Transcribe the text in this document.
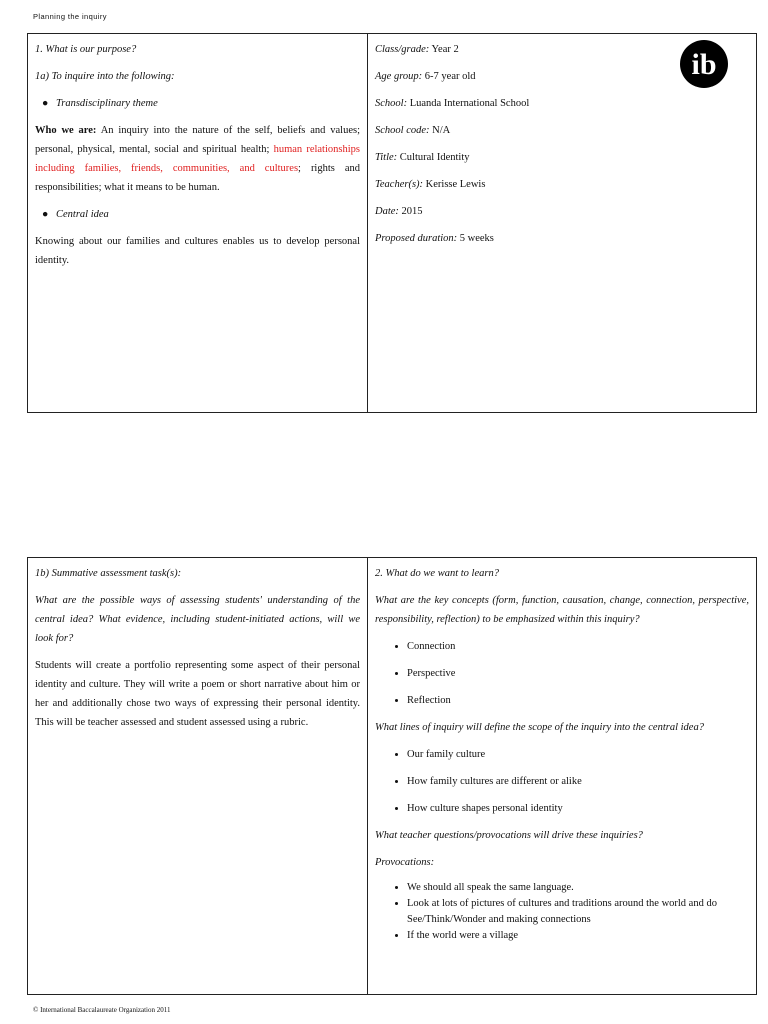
Planning the inquiry

1. What is our purpose?

1a) To inquire into the following:

● Transdisciplinary theme

Who we are: An inquiry into the nature of the self, beliefs and values; personal, physical, mental, social and spiritual health; human relationships including families, friends, communities, and cultures; rights and responsibilities; what it means to be human.

● Central idea

Knowing about our families and cultures enables us to develop personal identity.

Class/grade: Year 2

Age group: 6-7 year old

School: Luanda International School

School code: N/A

Title: Cultural Identity

Teacher(s): Kerisse Lewis

Date: 2015

Proposed duration: 5 weeks

ib

1b) Summative assessment task(s):

What are the possible ways of assessing students' understanding of the central idea? What evidence, including student-initiated actions, will we look for?

Students will create a portfolio representing some aspect of their personal identity and culture. They will write a poem or short narrative about him or her and additionally chose two ways of expressing their personal identity. This will be teacher assessed and student assessed using a rubric.

2. What do we want to learn?

What are the key concepts (form, function, causation, change, connection, perspective, responsibility, reflection) to be emphasized within this inquiry?

• Connection
• Perspective
• Reflection

What lines of inquiry will define the scope of the inquiry into the central idea?

• Our family culture
• How family cultures are different or alike
• How culture shapes personal identity

What teacher questions/provocations will drive these inquiries?

Provocations:

• We should all speak the same language.
• Look at lots of pictures of cultures and traditions around the world and do See/Think/Wonder and making connections
• If the world were a village
© International Baccalaureate Organization 2011
